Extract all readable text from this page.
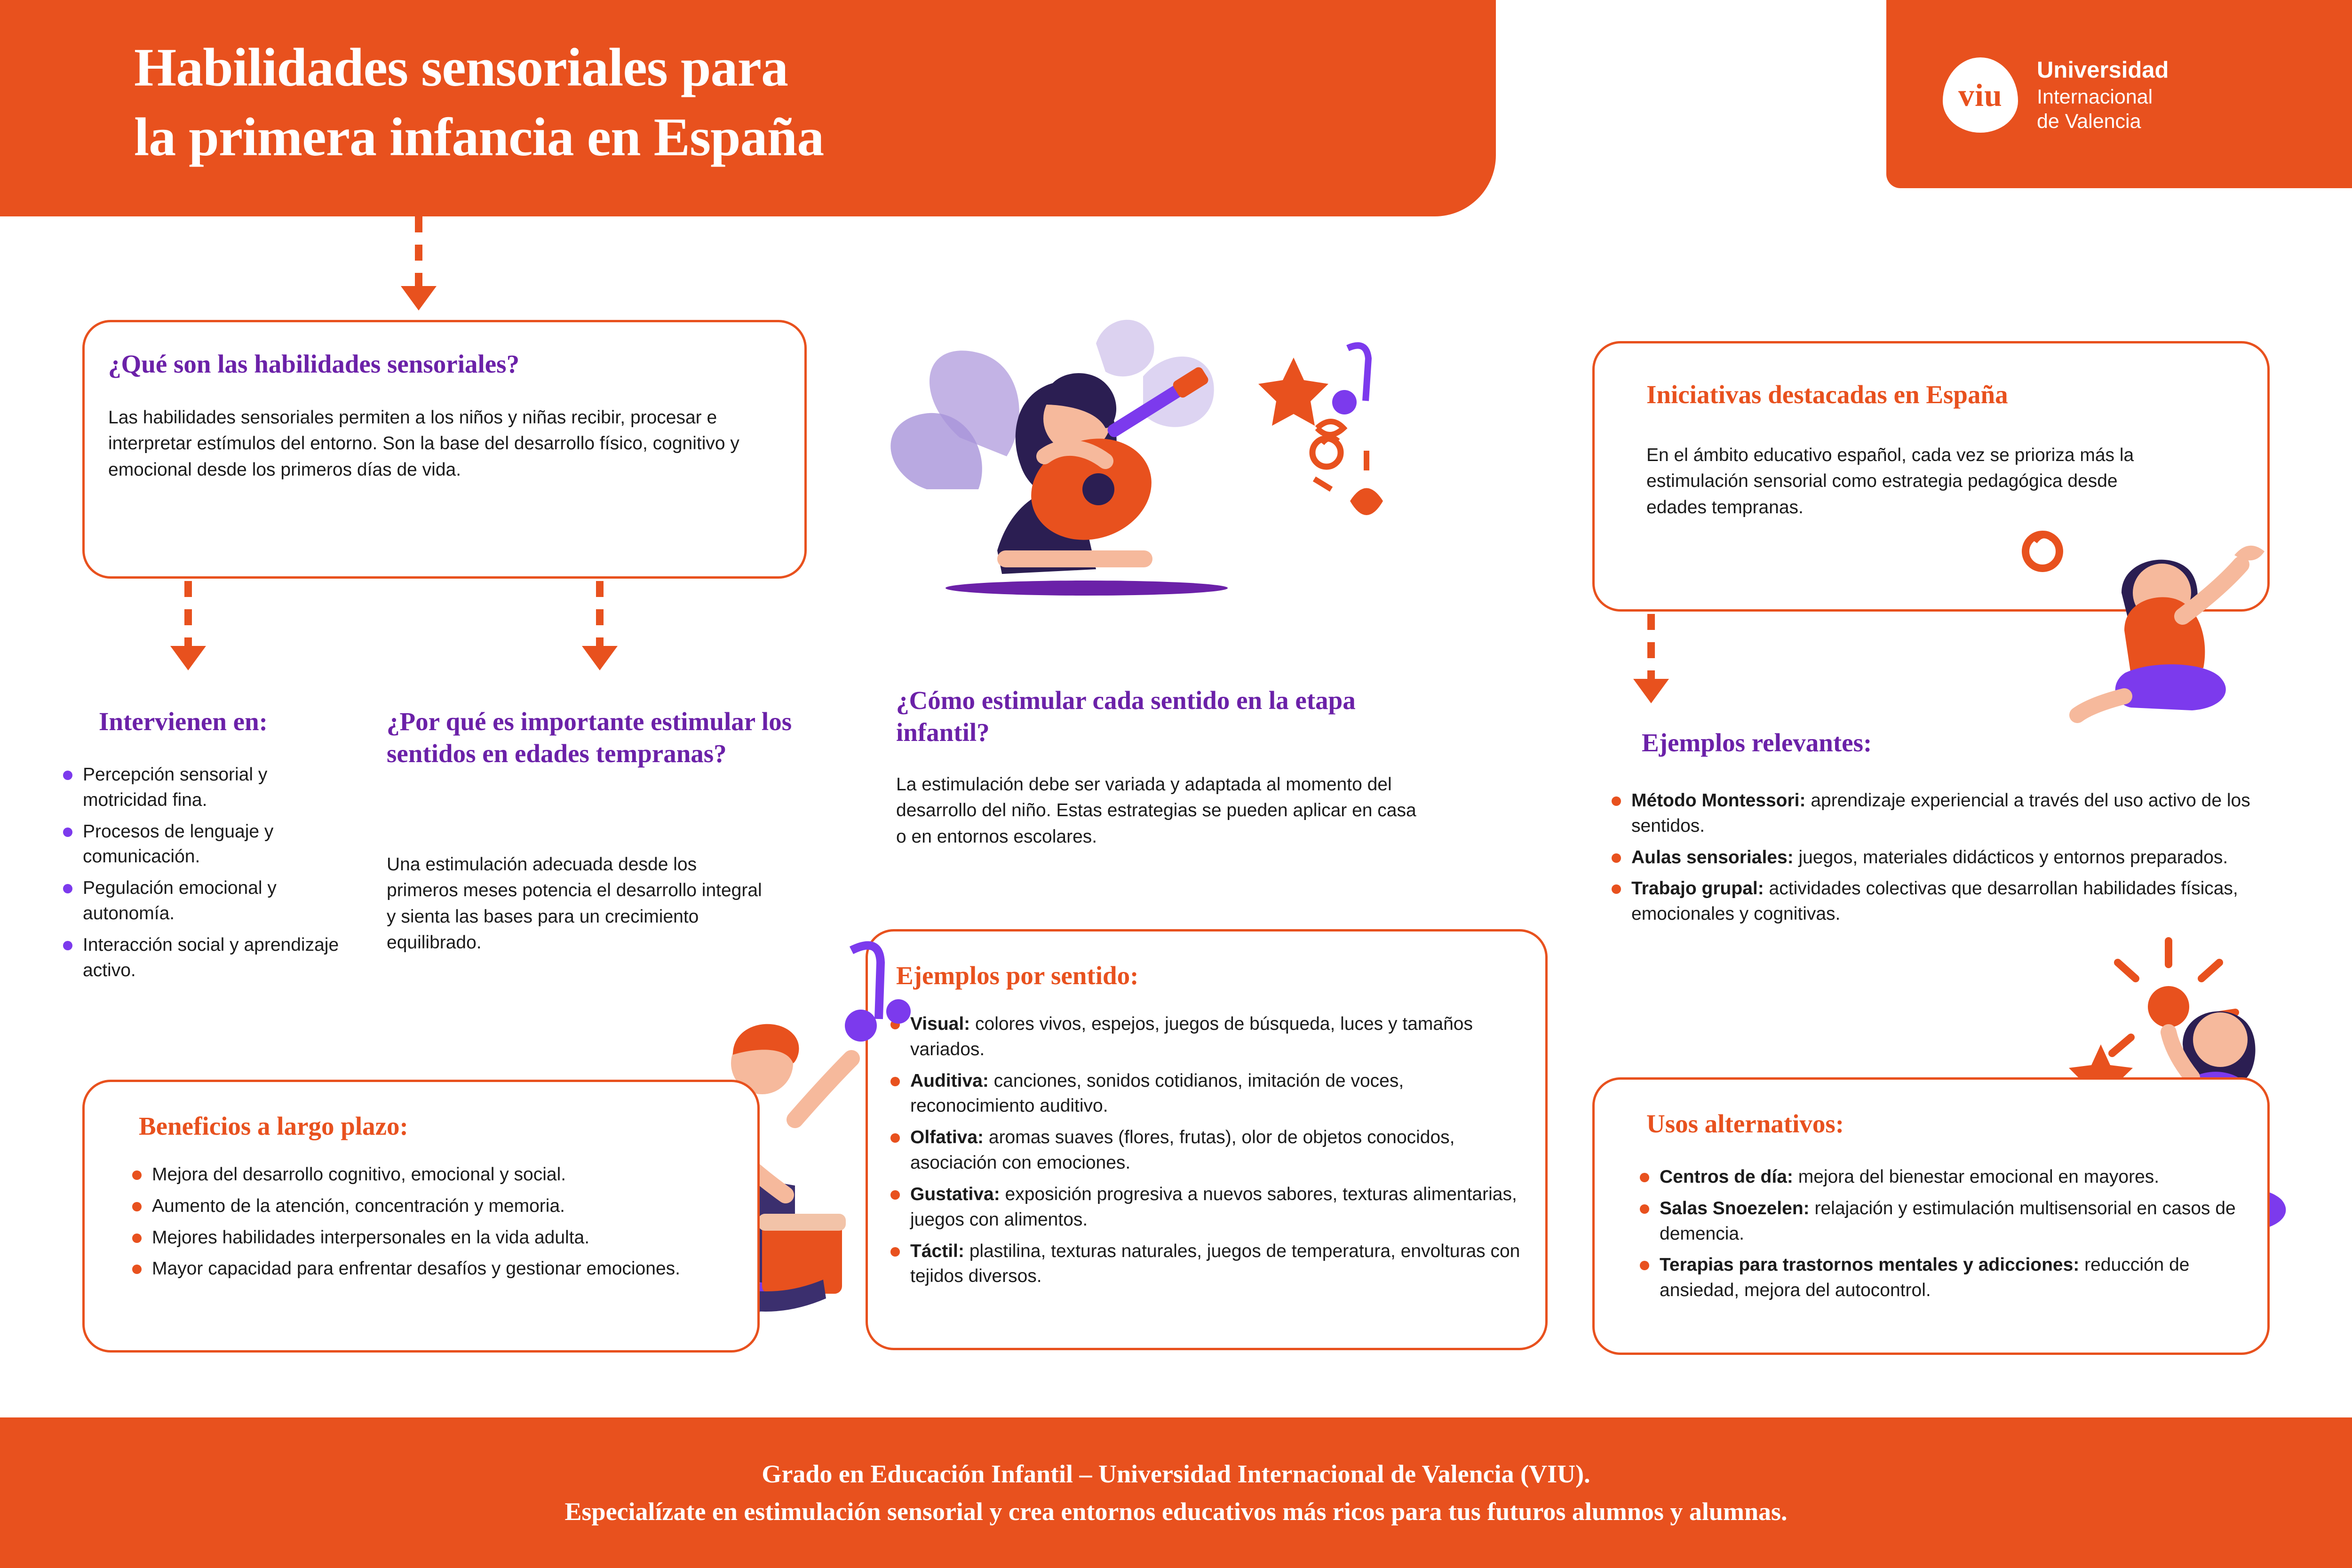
Habilidades sensoriales para
la primera infancia en España
viu
Universidad
Internacional
de Valencia
¿Qué son las habilidades sensoriales?
Las habilidades sensoriales permiten a los niños y niñas recibir, procesar e interpretar estímulos del entorno. Son la base del desarrollo físico, cognitivo y emocional desde los primeros días de vida.
Intervienen en:
Percepción sensorial y motricidad fina.
Procesos de lenguaje y comunicación.
Pegulación emocional y autonomía.
Interacción social y aprendizaje activo.
¿Por qué es importante estimular los sentidos en edades tempranas?
Una estimulación adecuada desde los primeros meses potencia el desarrollo integral y sienta las bases para un crecimiento equilibrado.
¿Cómo estimular cada sentido en la etapa infantil?
La estimulación debe ser variada y adaptada al momento del desarrollo del niño. Estas estrategias se pueden aplicar en casa o en entornos escolares.
Ejemplos por sentido:
Visual: colores vivos, espejos, juegos de búsqueda, luces y tamaños variados.
Auditiva: canciones, sonidos cotidianos, imitación de voces, reconocimiento auditivo.
Olfativa: aromas suaves (flores, frutas), olor de objetos conocidos, asociación con emociones.
Gustativa: exposición progresiva a nuevos sabores, texturas alimentarias, juegos con alimentos.
Táctil: plastilina, texturas naturales, juegos de temperatura, envolturas con tejidos diversos.
Beneficios a largo plazo:
Mejora del desarrollo cognitivo, emocional y social.
Aumento de la atención, concentración y memoria.
Mejores habilidades interpersonales en la vida adulta.
Mayor capacidad para enfrentar desafíos y gestionar emociones.
Iniciativas destacadas en España
En el ámbito educativo español, cada vez se prioriza más la estimulación sensorial como estrategia pedagógica desde edades tempranas.
Ejemplos relevantes:
Método Montessori: aprendizaje experiencial a través del uso activo de los sentidos.
Aulas sensoriales: juegos, materiales didácticos y entornos preparados.
Trabajo grupal: actividades colectivas que desarrollan habilidades físicas, emocionales y cognitivas.
Usos alternativos:
Centros de día: mejora del bienestar emocional en mayores.
Salas Snoezelen: relajación y estimulación multisensorial en casos de demencia.
Terapias para trastornos mentales y adicciones: reducción de ansiedad, mejora del autocontrol.
Grado en Educación Infantil – Universidad Internacional de Valencia (VIU).
Especialízate en estimulación sensorial y crea entornos educativos más ricos para tus futuros alumnos y alumnas.
